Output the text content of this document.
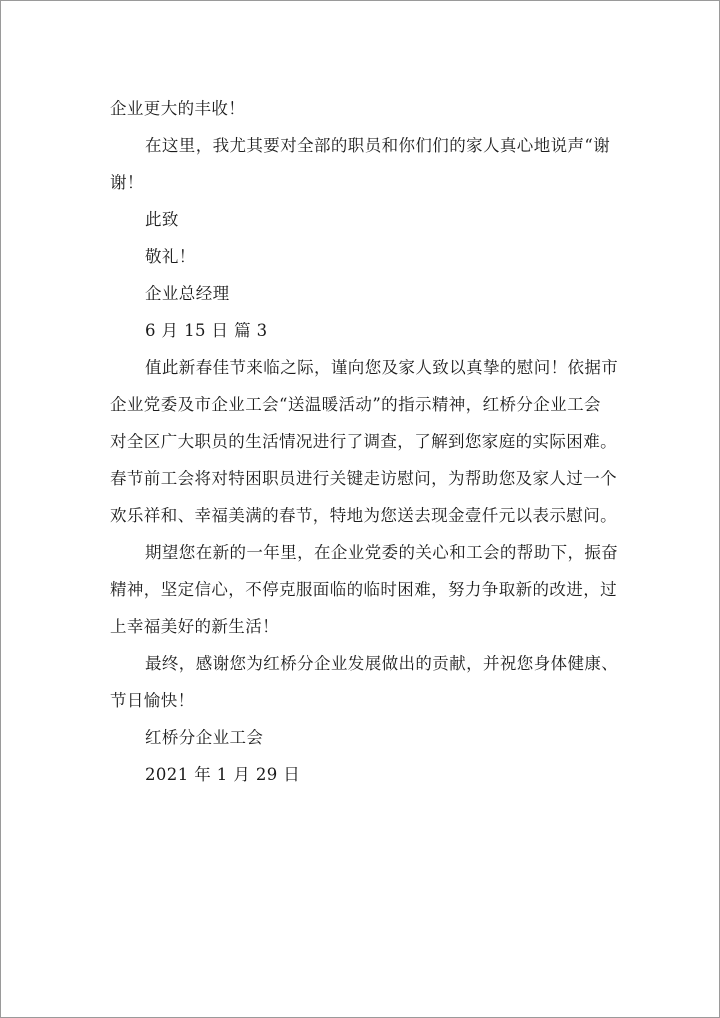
企业更大的丰收！
在这里，我尤其要对全部的职员和你们们的家人真心地说声“谢
谢！
此致
敬礼！
企业总经理
6 月 15 日 篇 3
值此新春佳节来临之际，谨向您及家人致以真挚的慰问！依据市
企业党委及市企业工会“送温暖活动”的指示精神，红桥分企业工会
对全区广大职员的生活情况进行了调查，了解到您家庭的实际困难。
春节前工会将对特困职员进行关键走访慰问，为帮助您及家人过一个
欢乐祥和、幸福美满的春节，特地为您送去现金壹仟元以表示慰问。
期望您在新的一年里，在企业党委的关心和工会的帮助下，振奋
精神，坚定信心，不停克服面临的临时困难，努力争取新的改进，过
上幸福美好的新生活！
最终，感谢您为红桥分企业发展做出的贡献，并祝您身体健康、
节日愉快！
红桥分企业工会
2021 年 1 月 29 日
